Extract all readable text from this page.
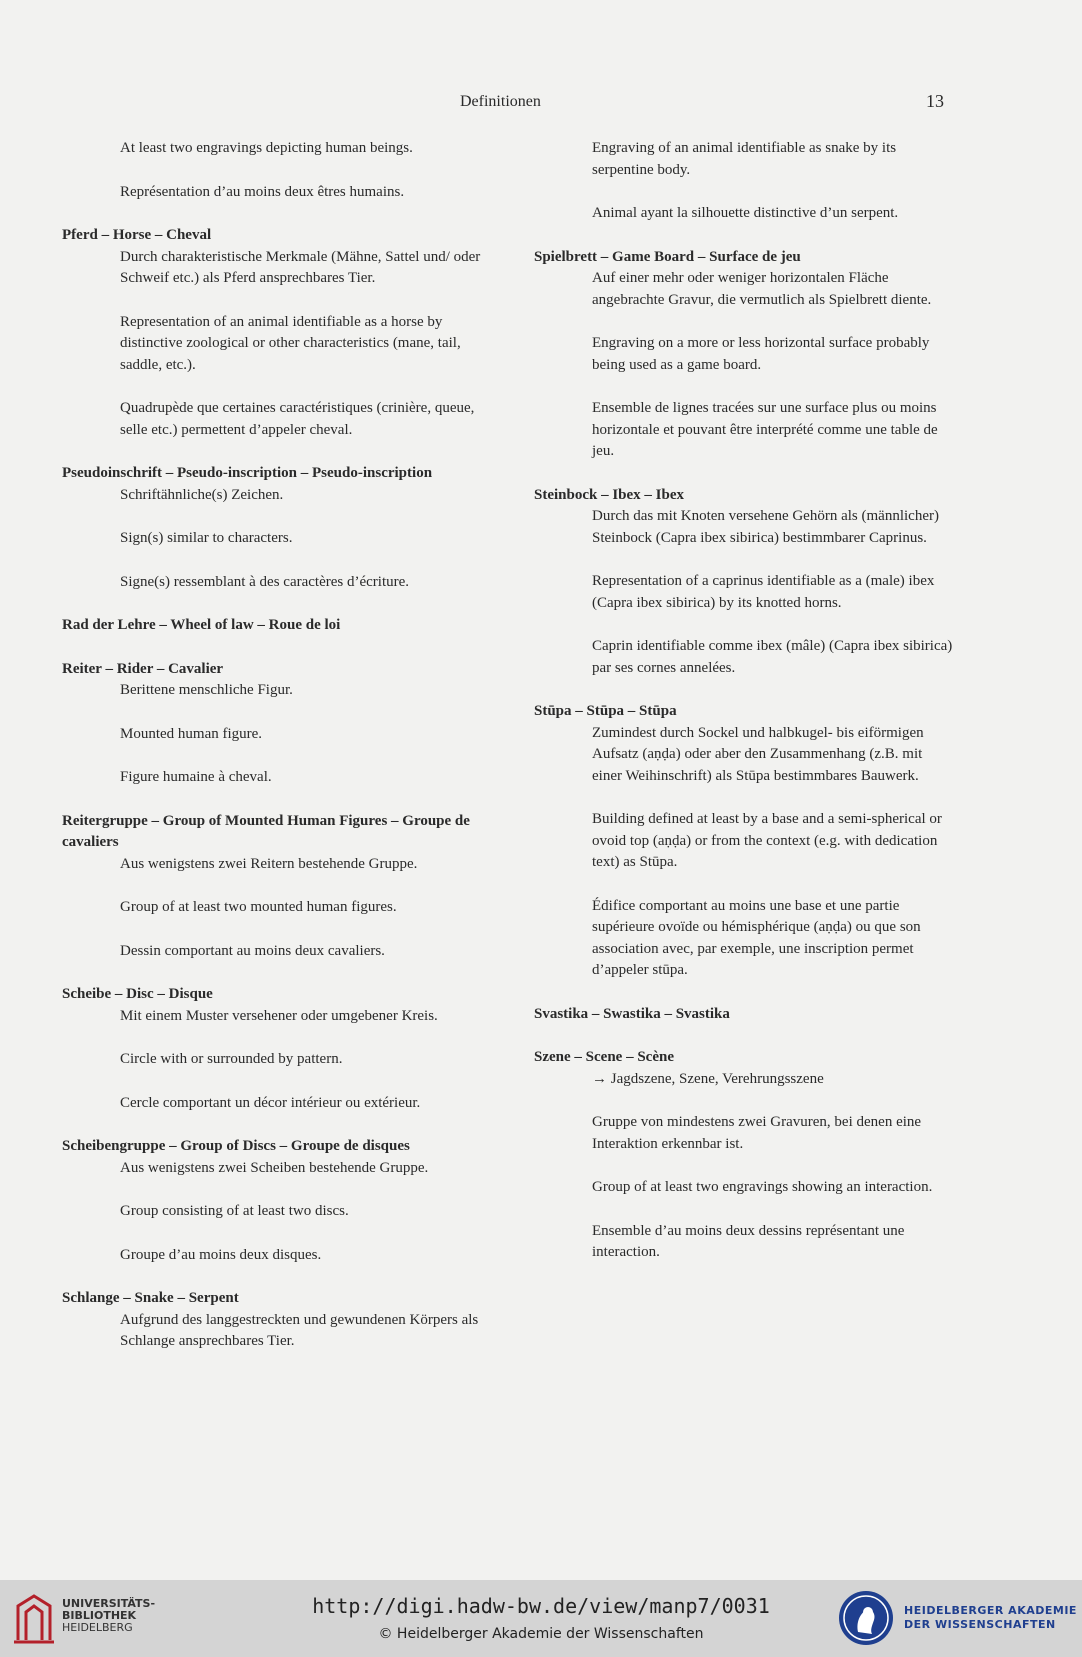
Definitionen	13

At least two engravings depicting human beings.

Représentation d’au moins deux êtres humains.

Pferd – Horse – Cheval

Durch charakteristische Merkmale (Mähne, Sattel und/ oder Schweif etc.) als Pferd ansprechbares Tier.

Representation of an animal identifiable as a horse by distinctive zoological or other characteristics (mane, tail, saddle, etc.).

Quadrupède que certaines caractéristiques (crinière, queue, selle etc.) permettent d’appeler cheval.

Pseudoinschrift – Pseudo-inscription – Pseudo-inscription

Schriftähnliche(s) Zeichen.

Sign(s) similar to characters.

Signe(s) ressemblant à des caractères d’écriture.

Rad der Lehre – Wheel of law – Roue de loi
Reiter – Rider – Cavalier

Berittene menschliche Figur.

Mounted human figure.

Figure humaine à cheval.

Reitergruppe – Group of Mounted Human Figures – Groupe de cavaliers

Aus wenigstens zwei Reitern bestehende Gruppe.

Group of at least two mounted human figures.

Dessin comportant au moins deux cavaliers.

Scheibe – Disc – Disque

Mit einem Muster versehener oder umgebener Kreis.

Circle with or surrounded by pattern.

Cercle comportant un décor intérieur ou extérieur.

Scheibengruppe – Group of Discs – Groupe de disques

Aus wenigstens zwei Scheiben bestehende Gruppe.

Group consisting of at least two discs.

Groupe d’au moins deux disques.

Schlange – Snake – Serpent

Aufgrund des langgestreckten und gewundenen Körpers als Schlange ansprechbares Tier.

Engraving of an animal identifiable as snake by its serpentine body.

Animal ayant la silhouette distinctive d’un serpent.

Spielbrett – Game Board – Surface de jeu

Auf einer mehr oder weniger horizontalen Fläche angebrachte Gravur, die vermutlich als Spielbrett diente.

Engraving on a more or less horizontal surface probably being used as a game board.

Ensemble de lignes tracées sur une surface plus ou moins horizontale et pouvant être interprété comme une table de jeu.

Steinbock – Ibex – Ibex

Durch das mit Knoten versehene Gehörn als (männlicher) Steinbock (Capra ibex sibirica) bestimmbarer Caprinus.

Representation of a caprinus identifiable as a (male) ibex (Capra ibex sibirica) by its knotted horns.

Caprin identifiable comme ibex (mâle) (Capra ibex sibirica) par ses cornes annelées.

Stūpa – Stūpa – Stūpa

Zumindest durch Sockel und halbkugel- bis eiförmigen Aufsatz (aṇḍa) oder aber den Zusammenhang (z.B. mit einer Weihinschrift) als Stūpa bestimmbares Bauwerk.

Building defined at least by a base and a semi-spherical or ovoid top (aṇḍa) or from the context (e.g. with dedication text) as Stūpa.

Édifice comportant au moins une base et une partie supérieure ovoïde ou hémisphérique (aṇḍa) ou que son association avec, par exemple, une inscription permet d’appeler stūpa.

Svastika – Swastika – Svastika
Szene – Scene – Scène

→ Jagdszene, Szene, Verehrungsszene

Gruppe von mindestens zwei Gravuren, bei denen eine Interaktion erkennbar ist.

Group of at least two engravings showing an interaction.

Ensemble d’au moins deux dessins représentant une interaction.

UNIVERSITÄTS-
BIBLIOTHEK
HEIDELBERG
http://digi.hadw-bw.de/view/manp7/0031
© Heidelberger Akademie der Wissenschaften
HEIDELBERGER AKADEMIE
DER WISSENSCHAFTEN
